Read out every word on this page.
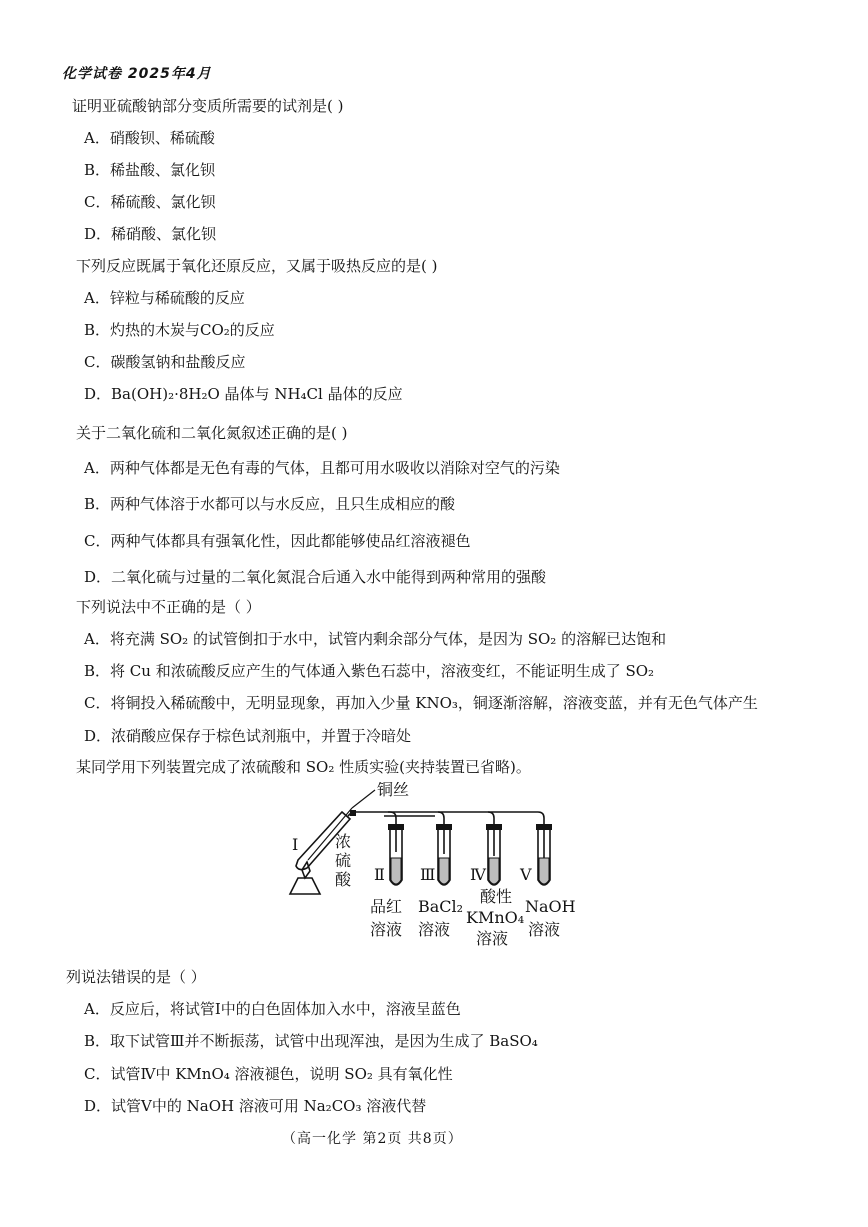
化学试卷 2025年4月
证明亚硫酸钠部分变质所需要的试剂是( )
A．硝酸钡、稀硫酸
B．稀盐酸、氯化钡
C．稀硫酸、氯化钡
D．稀硝酸、氯化钡
下列反应既属于氧化还原反应，又属于吸热反应的是( )
A．锌粒与稀硫酸的反应
B．灼热的木炭与CO₂的反应
C．碳酸氢钠和盐酸反应
D．Ba(OH)₂·8H₂O 晶体与 NH₄Cl 晶体的反应
关于二氧化硫和二氧化氮叙述正确的是( )
A．两种气体都是无色有毒的气体，且都可用水吸收以消除对空气的污染
B．两种气体溶于水都可以与水反应，且只生成相应的酸
C．两种气体都具有强氧化性，因此都能够使品红溶液褪色
D．二氧化硫与过量的二氧化氮混合后通入水中能得到两种常用的强酸
下列说法中不正确的是（ ）
A．将充满 SO₂ 的试管倒扣于水中，试管内剩余部分气体，是因为 SO₂ 的溶解已达饱和
B．将 Cu 和浓硫酸反应产生的气体通入紫色石蕊中，溶液变红，不能证明生成了 SO₂
C．将铜投入稀硫酸中，无明显现象，再加入少量 KNO₃，铜逐渐溶解，溶液变蓝，并有无色气体产生
D．浓硝酸应保存于棕色试剂瓶中，并置于冷暗处
某同学用下列装置完成了浓硫酸和 SO₂ 性质实验(夹持装置已省略)。
铜丝
浓
硫
酸
Ⅰ
Ⅱ Ⅲ Ⅳ Ⅴ
品红
溶液
BaCl₂
溶液
酸性
KMnO₄
溶液
NaOH
溶液
列说法错误的是（ ）
A．反应后，将试管Ⅰ中的白色固体加入水中，溶液呈蓝色
B．取下试管Ⅲ并不断振荡，试管中出现浑浊，是因为生成了 BaSO₄
C．试管Ⅳ中 KMnO₄ 溶液褪色，说明 SO₂ 具有氧化性
D．试管Ⅴ中的 NaOH 溶液可用 Na₂CO₃ 溶液代替
（高一化学 第2页 共8页）
